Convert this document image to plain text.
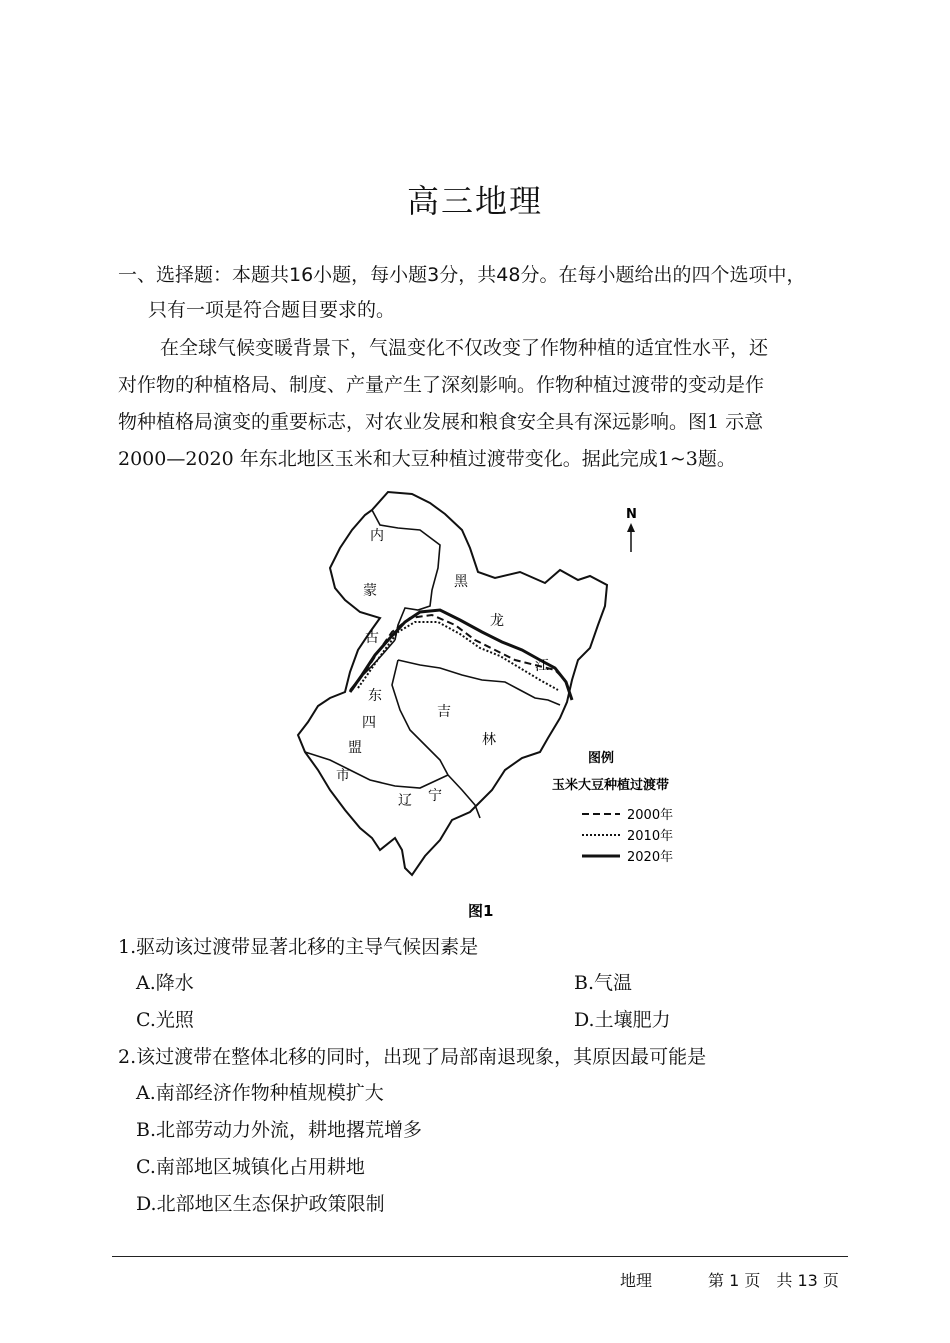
高三地理
一、选择题：本题共16小题，每小题3分，共48分。在每小题给出的四个选项中，
只有一项是符合题目要求的。
在全球气候变暖背景下，气温变化不仅改变了作物种植的适宜性水平，还
对作物的种植格局、制度、产量产生了深刻影响。作物种植过渡带的变动是作
物种植格局演变的重要标志，对农业发展和粮食安全具有深远影响。图1 示意
2000—2020 年东北地区玉米和大豆种植过渡带变化。据此完成1~3题。
内
蒙
古
黑
龙
江
东
四
盟
市
吉
林
辽 宁
N
图例
玉米大豆种植过渡带
2000年
2010年
2020年
图1
1.驱动该过渡带显著北移的主导气候因素是
A.降水	B.气温
C.光照	D.土壤肥力
2.该过渡带在整体北移的同时，出现了局部南退现象，其原因最可能是
A.南部经济作物种植规模扩大
B.北部劳动力外流，耕地撂荒增多
C.南部地区城镇化占用耕地
D.北部地区生态保护政策限制
地理	第 1 页　共 13 页
